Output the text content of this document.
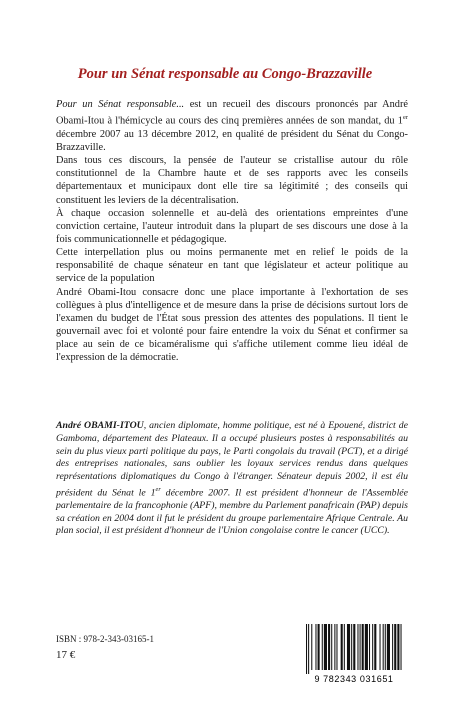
Pour un Sénat responsable au Congo-Brazzaville

Pour un Sénat responsable... est un recueil des discours prononcés par André Obami-Itou à l'hémicycle au cours des cinq premières années de son mandat, du 1er décembre 2007 au 13 décembre 2012, en qualité de président du Sénat du Congo-Brazzaville.

Dans tous ces discours, la pensée de l'auteur se cristallise autour du rôle constitutionnel de la Chambre haute et de ses rapports avec les conseils départementaux et municipaux dont elle tire sa légitimité ; des conseils qui constituent les leviers de la décentralisation.

À chaque occasion solennelle et au-delà des orientations empreintes d'une conviction certaine, l'auteur introduit dans la plupart de ses discours une dose à la fois communicationnelle et pédagogique.

Cette interpellation plus ou moins permanente met en relief le poids de la responsabilité de chaque sénateur en tant que législateur et acteur politique au service de la population

André Obami-Itou consacre donc une place importante à l'exhortation de ses collègues à plus d'intelligence et de mesure dans la prise de décisions surtout lors de l'examen du budget de l'État sous pression des attentes des populations. Il tient le gouvernail avec foi et volonté pour faire entendre la voix du Sénat et confirmer sa place au sein de ce bicaméralisme qui s'affiche utilement comme lieu idéal de l'expression de la démocratie.

André OBAMI-ITOU, ancien diplomate, homme politique, est né à Epouené, district de Gamboma, département des Plateaux. Il a occupé plusieurs postes à responsabilités au sein du plus vieux parti politique du pays, le Parti congolais du travail (PCT), et a dirigé des entreprises nationales, sans oublier les loyaux services rendus dans quelques représentations diplomatiques du Congo à l'étranger. Sénateur depuis 2002, il est élu président du Sénat le 1er décembre 2007. Il est président d'honneur de l'Assemblée parlementaire de la francophonie (APF), membre du Parlement panafricain (PAP) depuis sa création en 2004 dont il fut le président du groupe parlementaire Afrique Centrale. Au plan social, il est président d'honneur de l'Union congolaise contre le cancer (UCC).
ISBN : 978-2-343-03165-1
17 €
9 782343 031651
